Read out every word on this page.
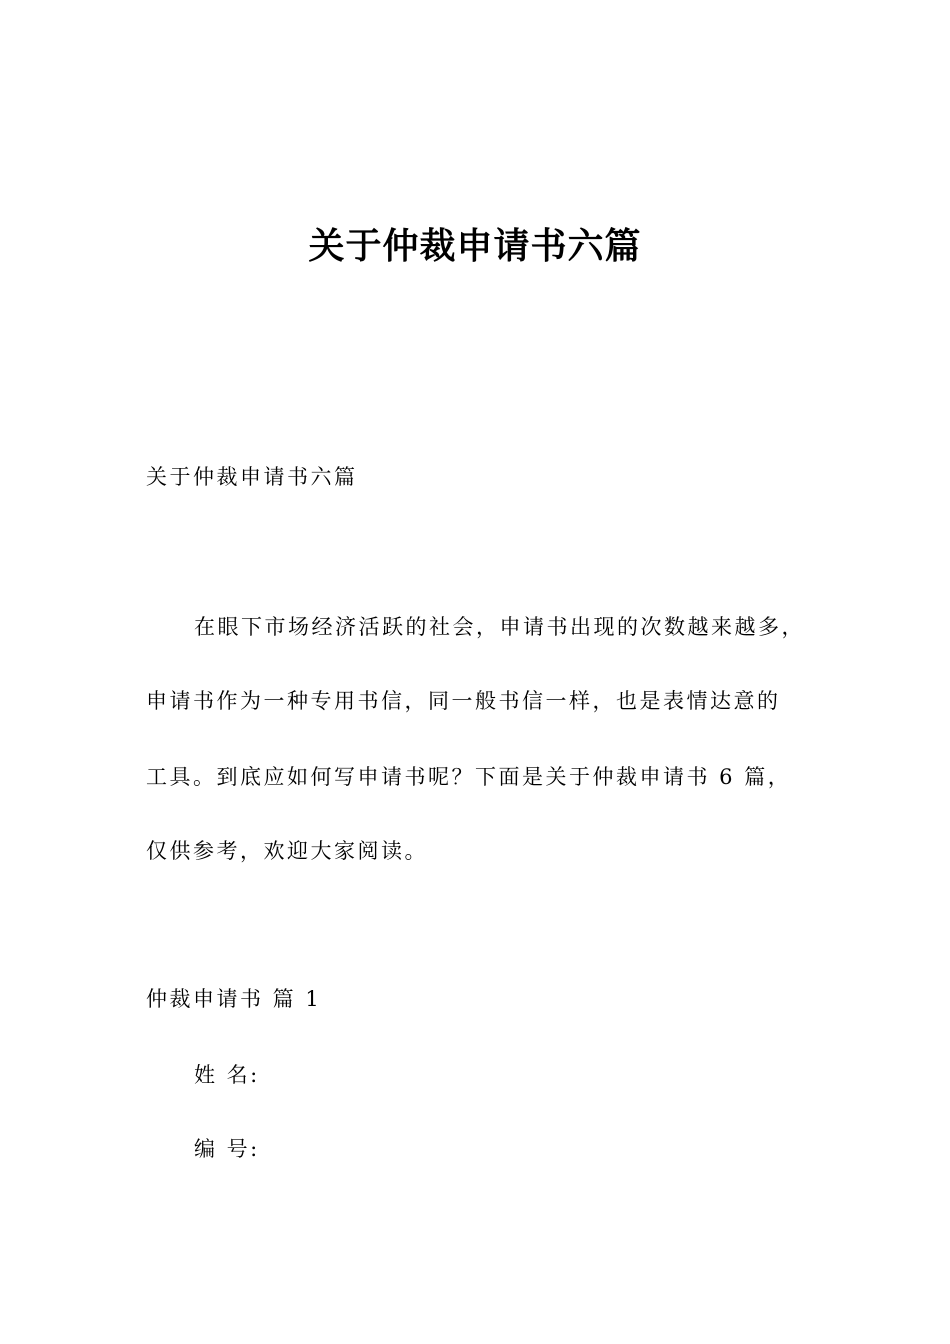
关于仲裁申请书六篇
关于仲裁申请书六篇
在眼下市场经济活跃的社会，申请书出现的次数越来越多，
申请书作为一种专用书信，同一般书信一样，也是表情达意的
工具。到底应如何写申请书呢？下面是关于仲裁申请书 6 篇，
仅供参考，欢迎大家阅读。
仲裁申请书 篇 1
姓 名:
编 号:
